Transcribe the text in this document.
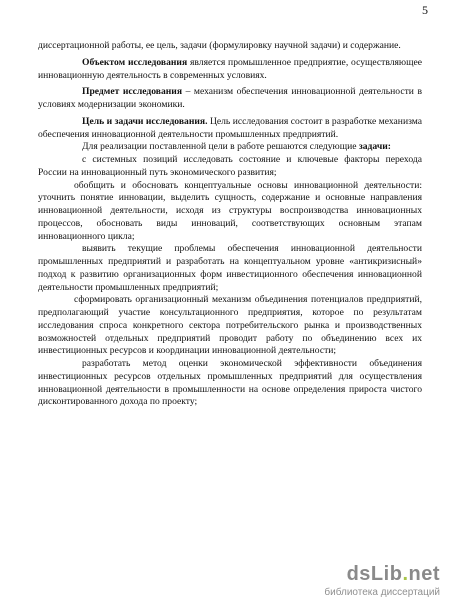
5

диссертационной работы, ее цель, задачи (формулировку научной задачи) и содержание.

Объектом исследования является промышленное предприятие, осуществляющее инновационную деятельность в современных условиях.

Предмет исследования – механизм обеспечения инновационной деятельности в условиях модернизации экономики.

Цель и задачи исследования. Цель исследования состоит в разработке механизма обеспечения инновационной деятельности промышленных предприятий.

Для реализации поставленной цели в работе решаются следующие задачи:

с системных позиций исследовать состояние и ключевые факторы перехода России на инновационный путь экономического развития;

обобщить и обосновать концептуальные основы инновационной деятельности: уточнить понятие инновации, выделить сущность, содержание и основные направления инновационной деятельности, исходя из структуры воспроизводства инновационных процессов, обосновать виды инноваций, соответствующих основным этапам инновационного цикла;

выявить текущие проблемы обеспечения инновационной деятельности промышленных предприятий и разработать на концептуальном уровне «антикризисный» подход к развитию организационных форм инвестиционного обеспечения инновационной деятельности промышленных предприятий;

сформировать организационный механизм объединения потенциалов предприятий, предполагающий участие консультационного предприятия, которое по результатам исследования спроса конкретного сектора потребительского рынка и производственных возможностей отдельных предприятий проводит работу по объединению всех их инвестиционных ресурсов и координации инновационной деятельности;

разработать метод оценки экономической эффективности объединения инвестиционных ресурсов отдельных промышленных предприятий для осуществления инновационной деятельности в промышленности на основе определения прироста чистого дисконтированного дохода по проекту;

dsLib.net
библиотека диссертаций
